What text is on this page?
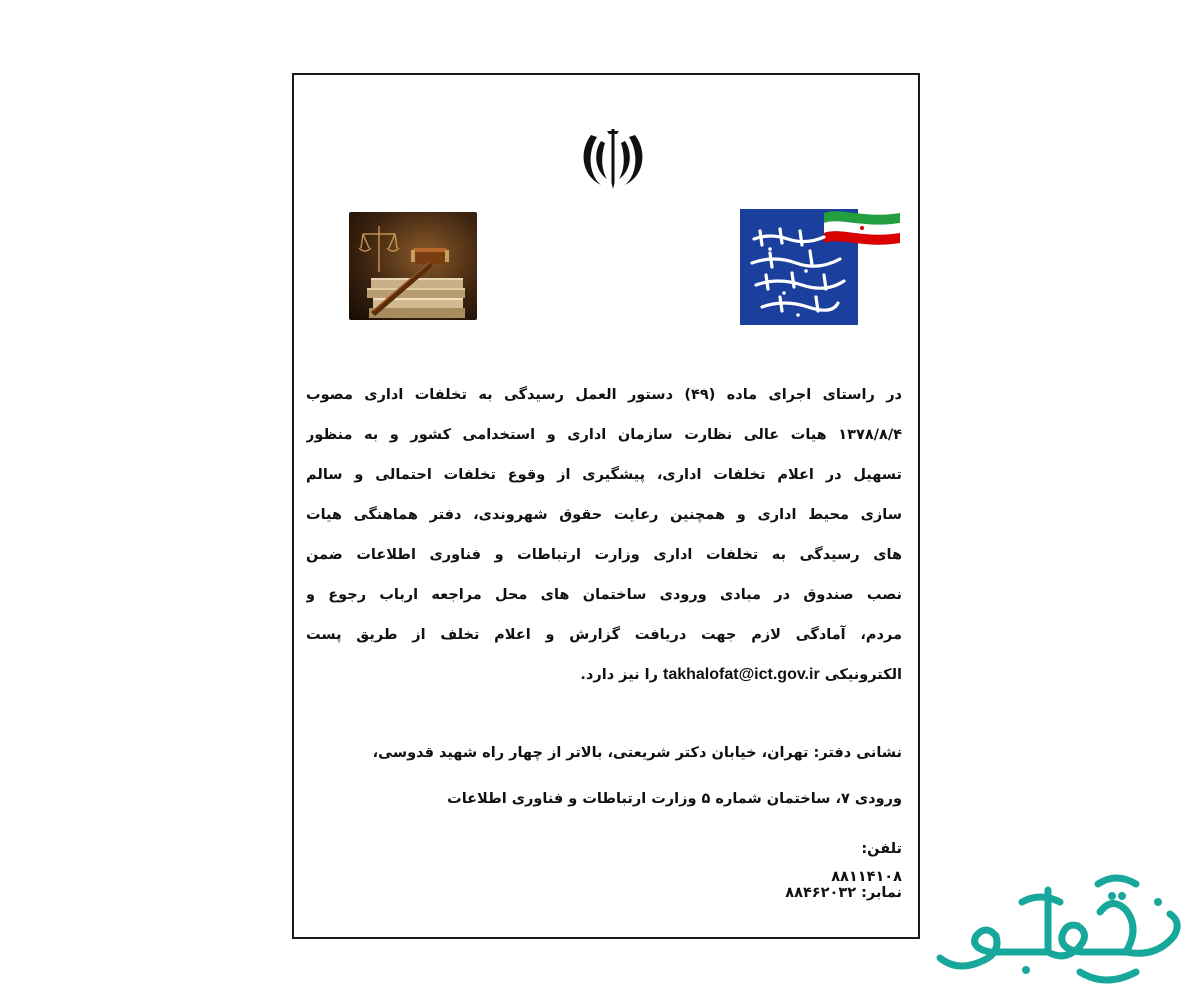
در راستای اجرای ماده (۴۹) دستور العمل رسیدگی به تخلفات اداری مصوب
۱۳۷۸/۸/۴ هیات عالی نظارت سازمان اداری و استخدامی کشور و به منظور
تسهیل در اعلام تخلفات اداری، پیشگیری از وقوع تخلفات احتمالی و سالم
سازی محیط اداری و همچنین رعایت حقوق شهروندی، دفتر هماهنگی هیات
های رسیدگی به تخلفات اداری وزارت ارتباطات و فناوری اطلاعات ضمن
نصب صندوق در مبادی ورودی ساختمان های محل مراجعه ارباب رجوع و
مردم، آمادگی لازم جهت دریافت گزارش و اعلام تخلف از طریق پست
الکترونیکی takhalofat@ict.gov.ir را نیز دارد.
نشانی دفتر: تهران، خیابان دکتر شریعتی، بالاتر از چهار راه شهید قدوسی،
ورودی ۷، ساختمان شماره ۵ وزارت ارتباطات و فناوری اطلاعات
تلفن:
۸۸۱۱۴۱۰۸
نمابر: ۸۸۴۶۲۰۳۲
